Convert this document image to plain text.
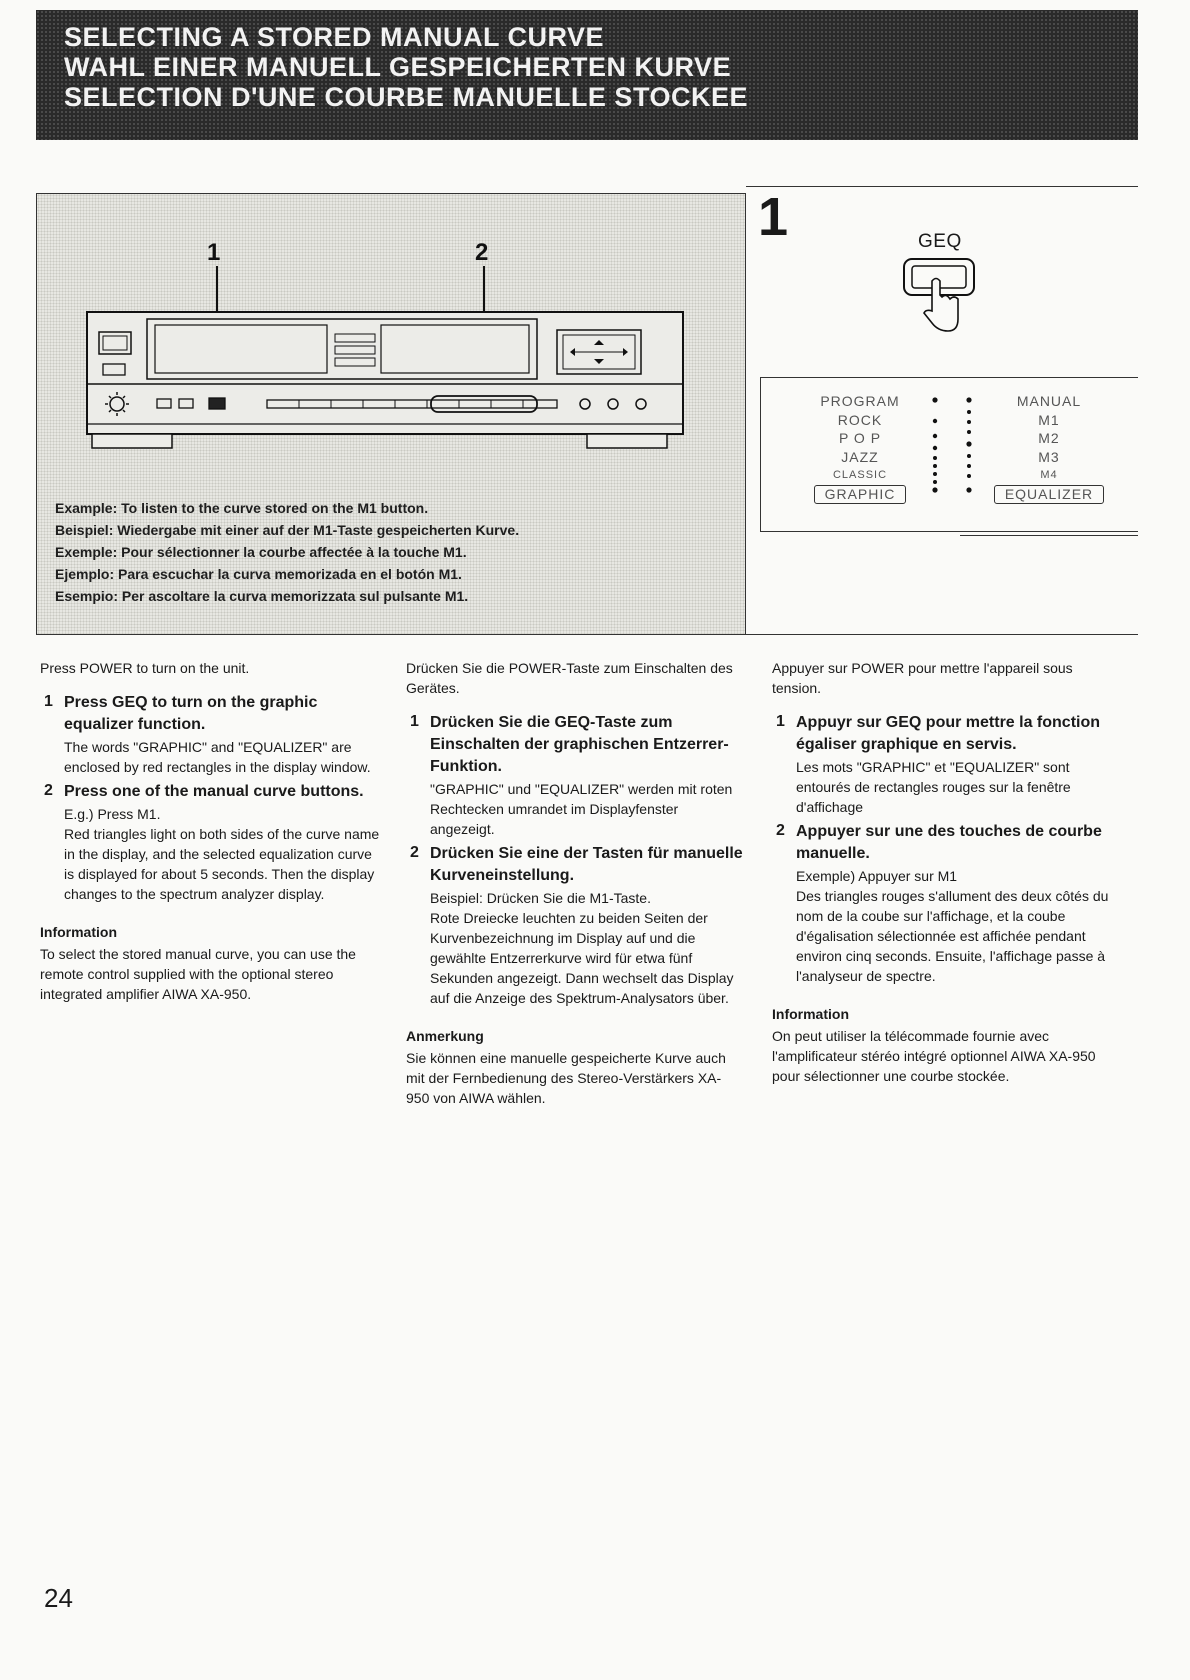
SELECTING A STORED MANUAL CURVE
WAHL EINER MANUELL GESPEICHERTEN KURVE
SELECTION D'UNE COURBE MANUELLE STOCKEE
1	2
Example: To listen to the curve stored on the M1 button.
Beispiel: Wiedergabe mit einer auf der M1-Taste gespeicherten Kurve.
Exemple: Pour sélectionner la courbe affectée à la touche M1.
Ejemplo: Para escuchar la curva memorizada en el botón M1.
Esempio: Per ascoltare la curva memorizzata sul pulsante M1.
1	GEQ
PROGRAM
ROCK
P O P
JAZZ
CLASSIC
GRAPHIC
MANUAL
M1
M2
M3
M4
EQUALIZER

Press POWER to turn on the unit.

1 Press GEQ to turn on the graphic equalizer function.
The words "GRAPHIC" and "EQUALIZER" are enclosed by red rectangles in the display window.
2 Press one of the manual curve buttons.
E.g.) Press M1.
Red triangles light on both sides of the curve name in the display, and the selected equalization curve is displayed for about 5 seconds. Then the display changes to the spectrum analyzer display.
Information

To select the stored manual curve, you can use the remote control supplied with the optional stereo integrated amplifier AIWA XA-950.

Drücken Sie die POWER-Taste zum Einschalten des Gerätes.

1 Drücken Sie die GEQ-Taste zum Einschalten der graphischen Entzerrer-Funktion.
"GRAPHIC" und "EQUALIZER" werden mit roten Rechtecken umrandet im Displayfenster angezeigt.
2 Drücken Sie eine der Tasten für manuelle Kurveneinstellung.
Beispiel: Drücken Sie die M1-Taste.
Rote Dreiecke leuchten zu beiden Seiten der Kurvenbezeichnung im Display auf und die gewählte Entzerrerkurve wird für etwa fünf Sekunden angezeigt. Dann wechselt das Display auf die Anzeige des Spektrum-Analysators über.
Anmerkung

Sie können eine manuelle gespeicherte Kurve auch mit der Fernbedienung des Stereo-Verstärkers XA-950 von AIWA wählen.

Appuyer sur POWER pour mettre l'appareil sous tension.

1 Appuyr sur GEQ pour mettre la fonction égaliser graphique en servis.
Les mots "GRAPHIC" et "EQUALIZER" sont entourés de rectangles rouges sur la fenêtre d'affichage
2 Appuyer sur une des touches de courbe manuelle.
Exemple) Appuyer sur M1
Des triangles rouges s'allument des deux côtés du nom de la coube sur l'affichage, et la coube d'égalisation sélectionnée est affichée pendant environ cinq seconds. Ensuite, l'affichage passe à l'analyseur de spectre.
Information

On peut utiliser la télécommade fournie avec l'amplificateur stéréo intégré optionnel AIWA XA-950 pour sélectionner une courbe stockée.

24
